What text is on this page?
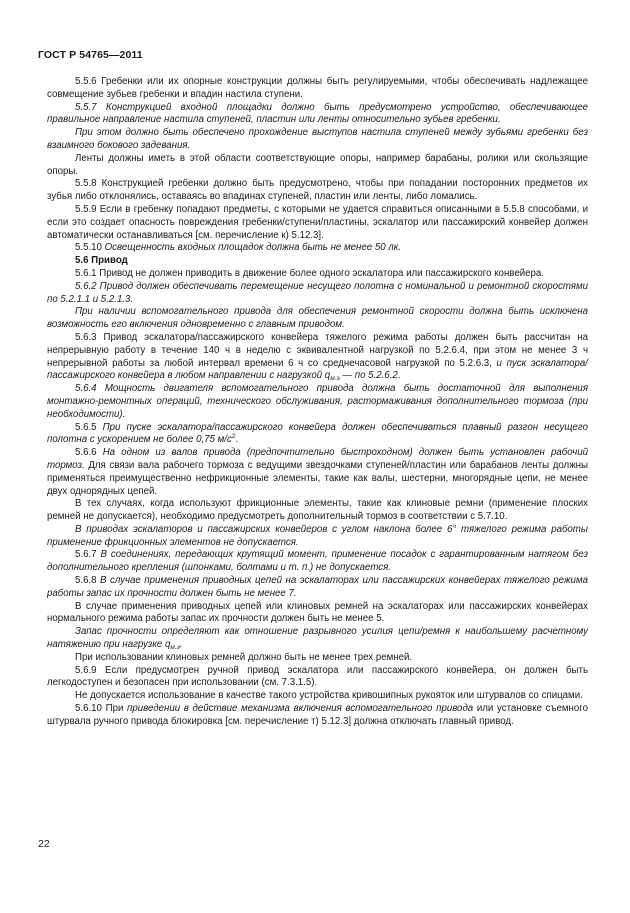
ГОСТ Р 54765—2011

5.5.6 Гребенки или их опорные конструкции должны быть регулируемыми, чтобы обеспечивать надлежащее совмещение зубьев гребенки и впадин настила ступени.

5.5.7 Конструкцией входной площадки должно быть предусмотрено устройство, обеспечивающее правильное направление настила ступеней, пластин или ленты относительно зубьев гребенки.

При этом должно быть обеспечено прохождение выступов настила ступеней между зубьями гребенки без взаимного бокового задевания.

Ленты должны иметь в этой области соответствующие опоры, например барабаны, ролики или скользящие опоры.

5.5.8 Конструкцией гребенки должно быть предусмотрено, чтобы при попадании посторонних предметов их зубья либо отклонялись, оставаясь во впадинах ступеней, пластин или ленты, либо ломались.

5.5.9 Если в гребенку попадают предметы, с которыми не удается справиться описанными в 5.5.8 способами, и если это создает опасность повреждения гребенки/ступени/пластины, эскалатор или пассажирский конвейер должен автоматически останавливаться [см. перечисление к) 5.12.3].

5.5.10 Освещенность входных площадок должна быть не менее 50 лк.

5.6 Привод

5.6.1 Привод не должен приводить в движение более одного эскалатора или пассажирского конвейера.

5.6.2 Привод должен обеспечивать перемещение несущего полотна с номинальной и ремонтной скоростями по 5.2.1.1 и 5.2.1.3.

При наличии вспомогательного привода для обеспечения ремонтной скорости должна быть исключена возможность его включения одновременно с главным приводом.

5.6.3 Привод эскалатора/пассажирского конвейера тяжелого режима работы должен быть рассчитан на непрерывную работу в течение 140 ч в неделю с эквивалентной нагрузкой по 5.2.6.4, при этом не менее 3 ч непрерывной работы за любой интервал времени 6 ч со среднечасовой нагрузкой по 5.2.6.3, и пуск эскалатора/пассажирского конвейера в любом направлении с нагрузкой $q_{м.э}$ — по 5.2.6.2.

5.6.4 Мощность двигателя вспомогательного привода должна быть достаточной для выполнения монтажно-ремонтных операций, технического обслуживания, растормаживания дополнительного тормоза (при необходимости).

5.6.5 При пуске эскалатора/пассажирского конвейера должен обеспечиваться плавный разгон несущего полотна с ускорением не более 0,75 $м/с^2$.

5.6.6 На одном из валов привода (предпочтительно быстроходном) должен быть установлен рабочий тормоз. Для связи вала рабочего тормоза с ведущими звездочками ступеней/пластин или барабанов ленты должны применяться преимущественно нефрикционные элементы, такие как валы, шестерни, многорядные цепи, не менее двух однорядных цепей.

В тех случаях, когда используют фрикционные элементы, такие как клиновые ремни (применение плоских ремней не допускается), необходимо предусмотреть дополнительный тормоз в соответствии с 5.7.10.

В приводах эскалаторов и пассажирских конвейеров с углом наклона более 6° тяжелого режима работы применение фрикционных элементов не допускается.

5.6.7 В соединениях, передающих крутящий момент, применение посадок с гарантированным натягом без дополнительного крепления (шпонками, болтами и т. п.) не допускается.

5.6.8 В случае применения приводных цепей на эскалаторах или пассажирских конвейерах тяжелого режима работы запас их прочности должен быть не менее 7.

В случае применения приводных цепей или клиновых ремней на эскалаторах или пассажирских конвейерах нормального режима работы запас их прочности должен быть не менее 5.

Запас прочности определяют как отношение разрывного усилия цепи/ремня к наибольшему расчетному натяжению при нагрузке $q_{м.э}$.

При использовании клиновых ремней должно быть не менее трех ремней.

5.6.9 Если предусмотрен ручной привод эскалатора или пассажирского конвейера, он должен быть легкодоступен и безопасен при использовании (см. 7.3.1.5).

Не допускается использование в качестве такого устройства кривошипных рукояток или штурвалов со спицами.

5.6.10 При приведении в действие механизма включения вспомогательного привода или установке съемного штурвала ручного привода блокировка [см. перечисление т) 5.12.3] должна отключать главный привод.

22
